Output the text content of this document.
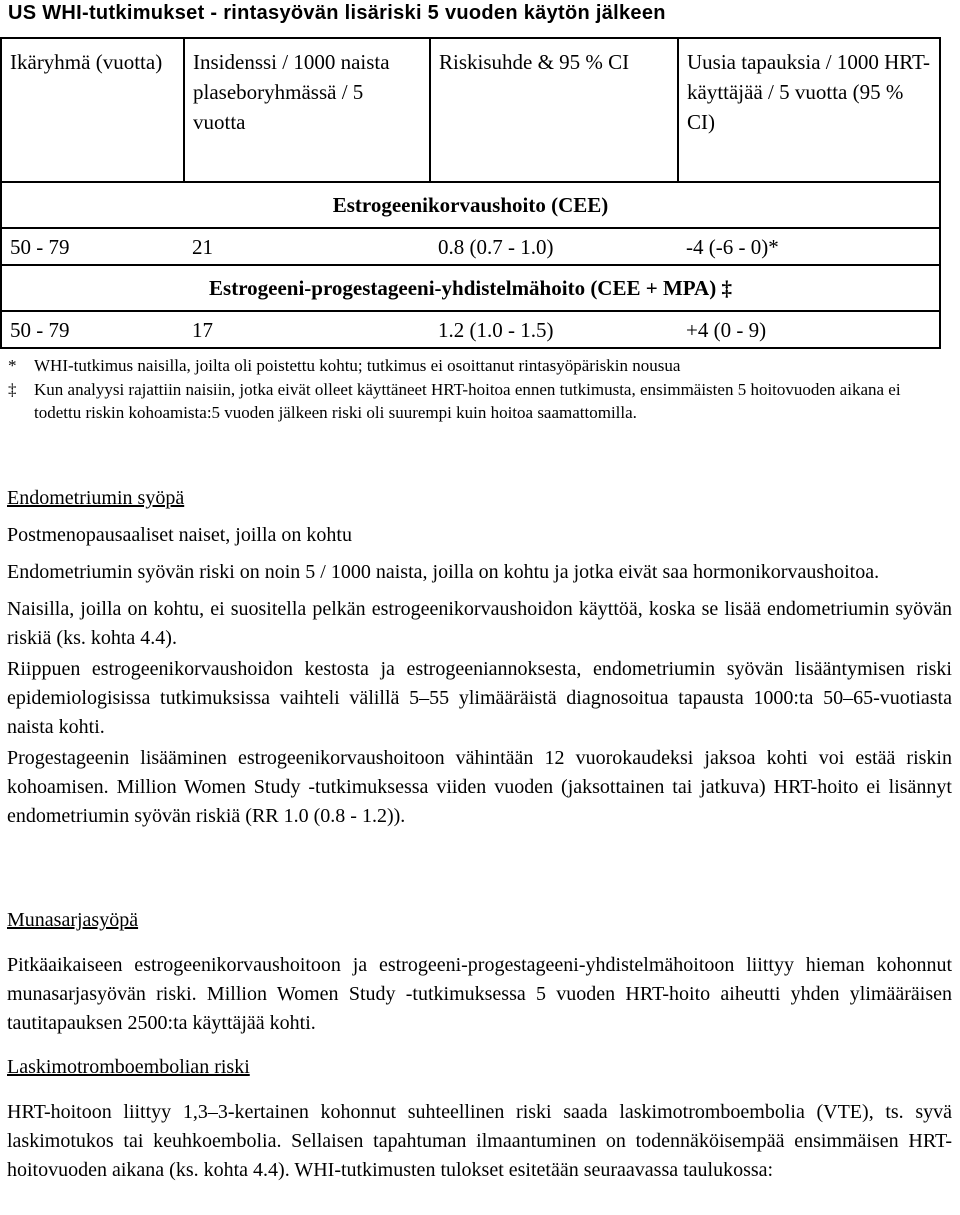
US WHI-tutkimukset - rintasyövän lisäriski 5 vuoden käytön jälkeen
Ikäryhmä (vuotta)	Insidenssi / 1000 naista plaseboryhmässä / 5 vuotta	Riskisuhde & 95 % CI	Uusia tapauksia / 1000 HRT-käyttäjää / 5 vuotta (95 % CI)
Estrogeenikorvaushoito (CEE)			
50 - 79	21	0.8 (0.7 - 1.0)	-4 (-6 - 0)*
Estrogeeni-progestageeni-yhdistelmähoito (CEE + MPA) ‡			
50 - 79	17	1.2 (1.0 - 1.5)	+4 (0 - 9)
* WHI-tutkimus naisilla, joilta oli poistettu kohtu; tutkimus ei osoittanut rintasyöpäriskin nousua
‡ Kun analyysi rajattiin naisiin, jotka eivät olleet käyttäneet HRT-hoitoa ennen tutkimusta, ensimmäisten 5 hoitovuoden aikana ei todettu riskin kohoamista:5 vuoden jälkeen riski oli suurempi kuin hoitoa saamattomilla.
Endometriumin syöpä
Postmenopausaaliset naiset, joilla on kohtu
Endometriumin syövän riski on noin 5 / 1000 naista, joilla on kohtu ja jotka eivät saa hormonikorvaushoitoa.
Naisilla, joilla on kohtu, ei suositella pelkän estrogeenikorvaushoidon käyttöä, koska se lisää endometriumin syövän riskiä (ks. kohta 4.4).
Riippuen estrogeenikorvaushoidon kestosta ja estrogeeniannoksesta, endometriumin syövän lisääntymisen riski epidemiologisissa tutkimuksissa vaihteli välillä 5–55 ylimääräistä diagnosoitua tapausta 1000:ta 50–65-vuotiasta naista kohti.
Progestageenin lisääminen estrogeenikorvaushoitoon vähintään 12 vuorokaudeksi jaksoa kohti voi estää riskin kohoamisen. Million Women Study -tutkimuksessa viiden vuoden (jaksottainen tai jatkuva) HRT-hoito ei lisännyt endometriumin syövän riskiä (RR 1.0 (0.8 - 1.2)).
Munasarjasyöpä
Pitkäaikaiseen estrogeenikorvaushoitoon ja estrogeeni-progestageeni-yhdistelmähoitoon liittyy hieman kohonnut munasarjasyövän riski. Million Women Study -tutkimuksessa 5 vuoden HRT-hoito aiheutti yhden ylimääräisen tautitapauksen 2500:ta käyttäjää kohti.
Laskimotromboembolian riski
HRT-hoitoon liittyy 1,3–3-kertainen kohonnut suhteellinen riski saada laskimotromboembolia (VTE), ts. syvä laskimotukos tai keuhkoembolia. Sellaisen tapahtuman ilmaantuminen on todennäköisempää ensimmäisen HRT-hoitovuoden aikana (ks. kohta 4.4). WHI-tutkimusten tulokset esitetään seuraavassa taulukossa:
